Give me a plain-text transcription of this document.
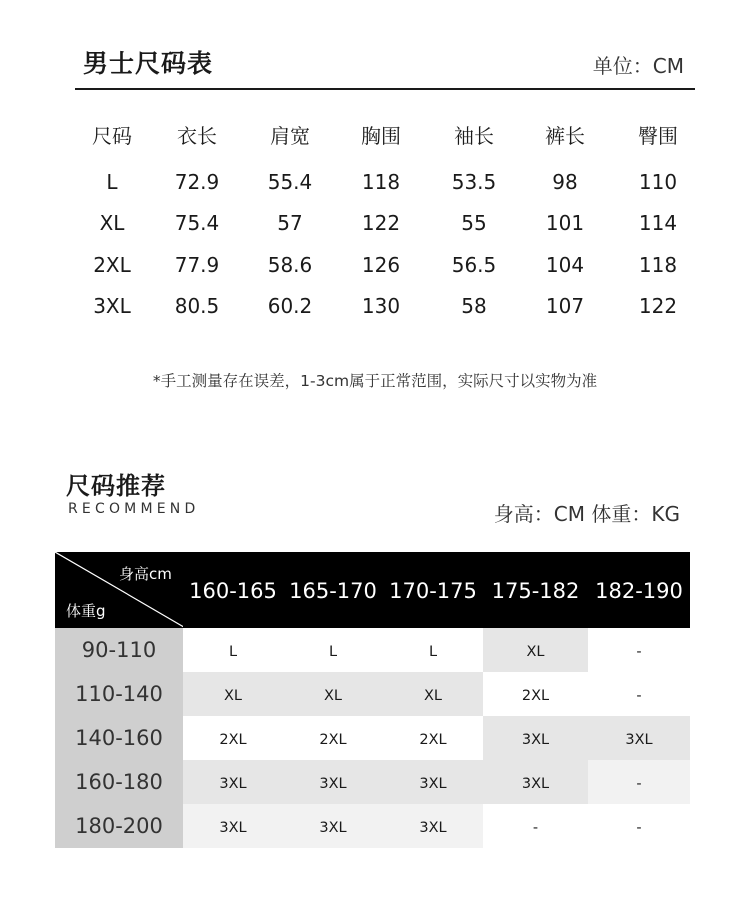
男士尺码表	单位：CM
尺码	衣长	肩宽	胸围	袖长	裤长	臀围
L	72.9	55.4	118	53.5	98	110
XL	75.4	57	122	55	101	114
2XL	77.9	58.6	126	56.5	104	118
3XL	80.5	60.2	130	58	107	122
*手工测量存在误差，1-3cm属于正常范围，实际尺寸以实物为准
尺码推荐
RECOMMEND	身高：CM 体重：KG
身高cm
体重g
160-165 165-170 170-175 175-182 182-190
90-110	L	L	L	XL	-
110-140	XL	XL	XL	2XL	-
140-160	2XL	2XL	2XL	3XL	3XL
160-180	3XL	3XL	3XL	3XL	-
180-200	3XL	3XL	3XL	-	-
